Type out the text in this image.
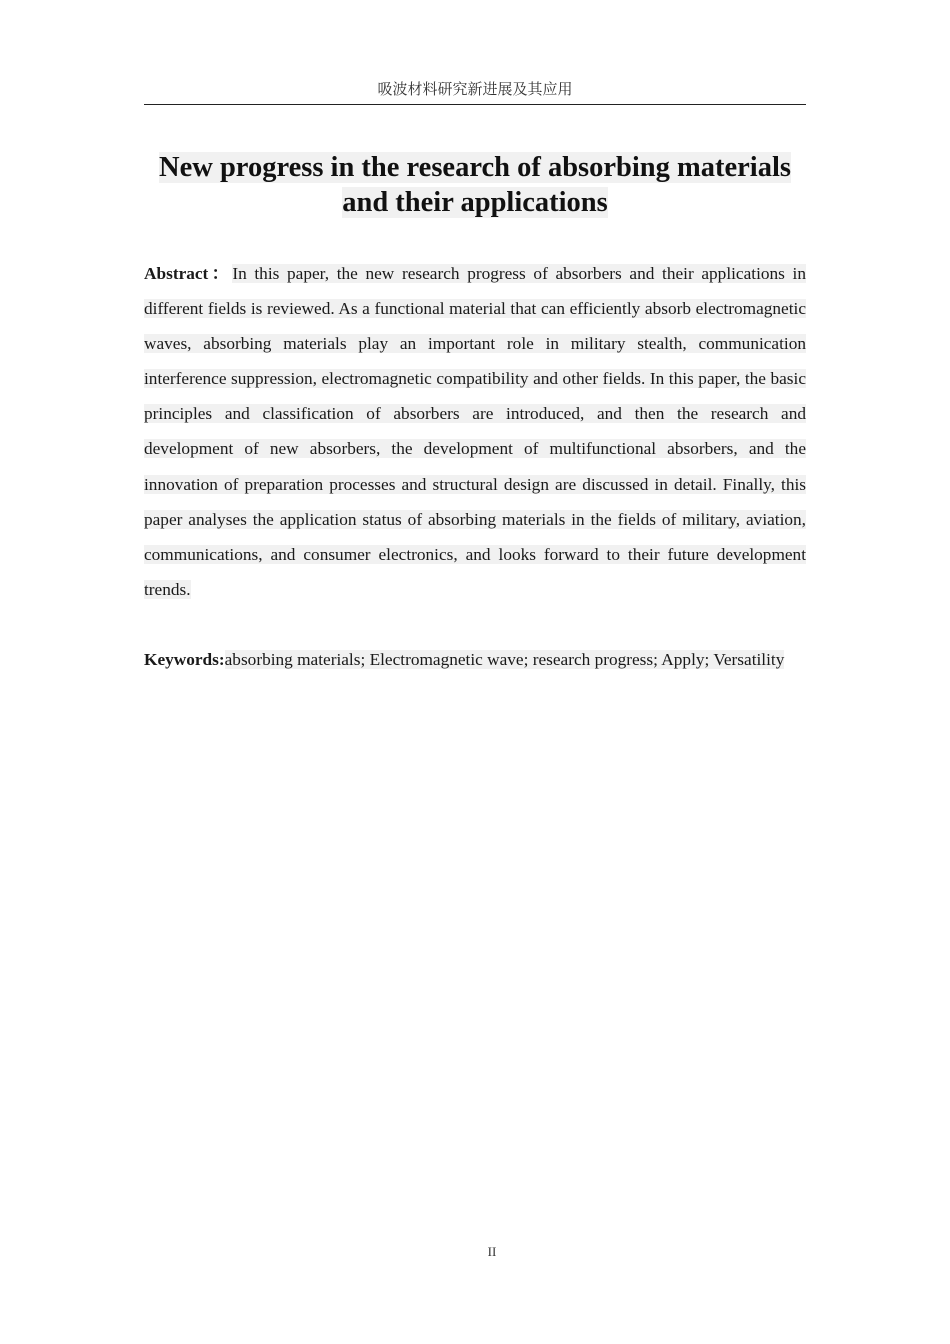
吸波材料研究新进展及其应用
New progress in the research of absorbing materials
and their applications

Abstract：In this paper, the new research progress of absorbers and their applications in different fields is reviewed. As a functional material that can efficiently absorb electromagnetic waves, absorbing materials play an important role in military stealth, communication interference suppression, electromagnetic compatibility and other fields. In this paper, the basic principles and classification of absorbers are introduced, and then the research and development of new absorbers, the development of multifunctional absorbers, and the innovation of preparation processes and structural design are discussed in detail. Finally, this paper analyses the application status of absorbing materials in the fields of military, aviation, communications, and consumer electronics, and looks forward to their future development trends.

Keywords:absorbing materials; Electromagnetic wave; research progress; Apply; Versatility

II
